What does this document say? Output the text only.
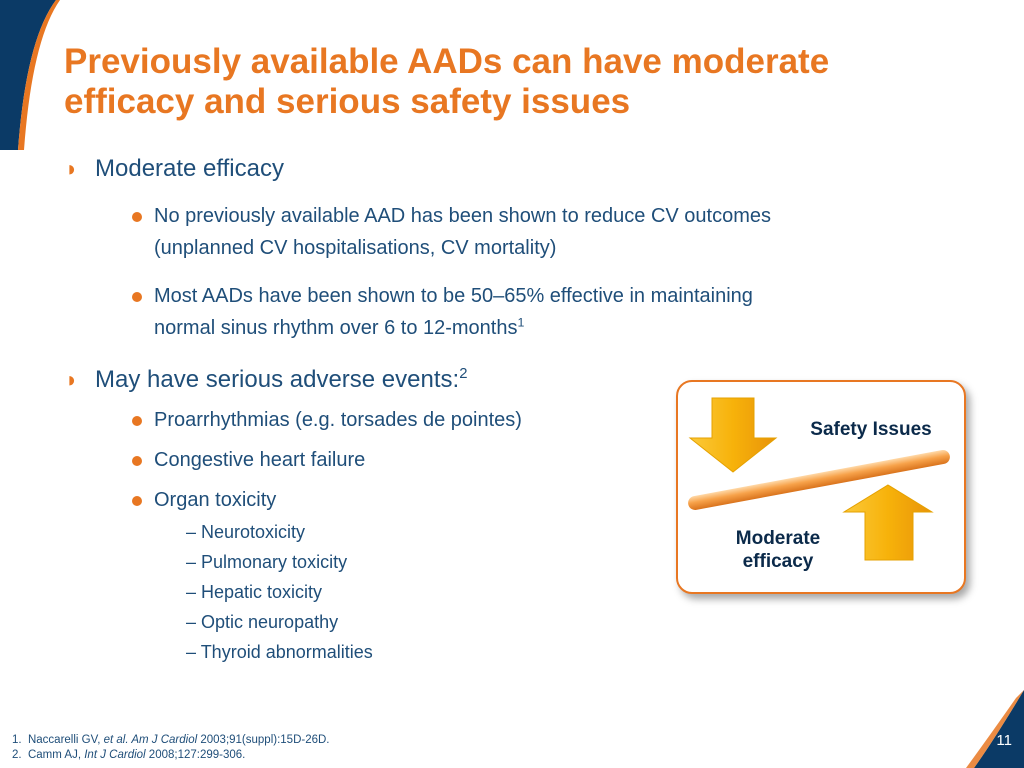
Previously available AADs can have moderate
efficacy and serious safety issues
◗ Moderate efficacy
No previously available AAD has been shown to reduce CV outcomes
(unplanned CV hospitalisations, CV mortality)
Most AADs have been shown to be 50–65% effective in maintaining
normal sinus rhythm over 6 to 12-months$^1$
◗ May have serious adverse events:$^2$
Proarrhythmias (e.g. torsades de pointes)
Congestive heart failure
Organ toxicity
– Neurotoxicity
– Pulmonary toxicity
– Hepatic toxicity
– Optic neuropathy
– Thyroid abnormalities
Safety Issues
Moderate
efficacy
1. Naccarelli GV, et al. Am J Cardiol 2003;91(suppl):15D-26D.
2. Camm AJ, Int J Cardiol 2008;127:299-306.
11
